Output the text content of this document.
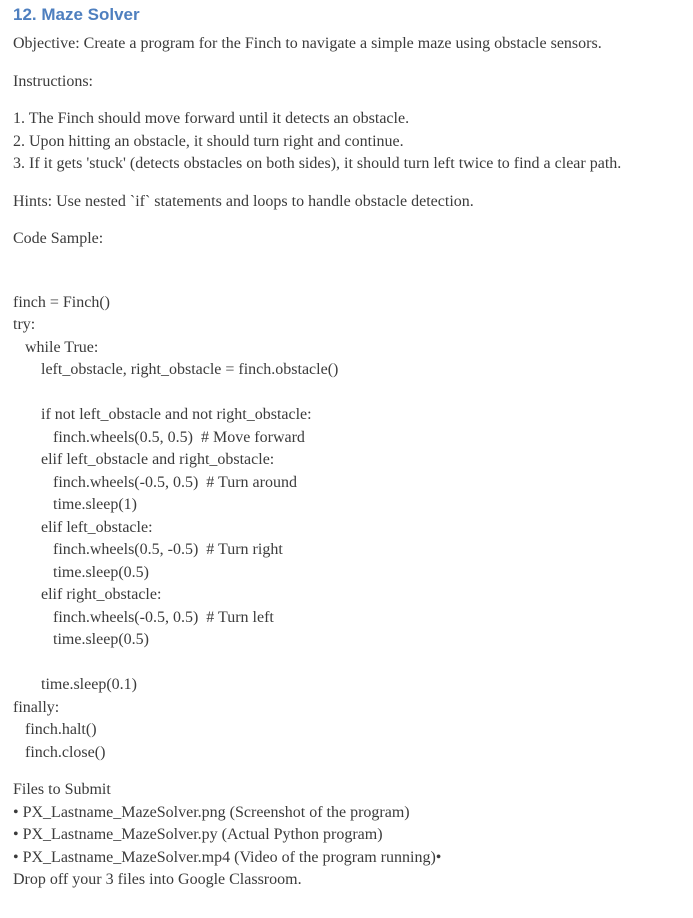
12. Maze Solver

Objective: Create a program for the Finch to navigate a simple maze using obstacle sensors.

Instructions:

1. The Finch should move forward until it detects an obstacle.
2. Upon hitting an obstacle, it should turn right and continue.
3. If it gets 'stuck' (detects obstacles on both sides), it should turn left twice to find a clear path.

Hints: Use nested `if` statements and loops to handle obstacle detection.

Code Sample:

finch = Finch()
try:
while True:
left_obstacle, right_obstacle = finch.obstacle()
if not left_obstacle and not right_obstacle:
finch.wheels(0.5, 0.5)  # Move forward
elif left_obstacle and right_obstacle:
finch.wheels(-0.5, 0.5)  # Turn around
time.sleep(1)
elif left_obstacle:
finch.wheels(0.5, -0.5)  # Turn right
time.sleep(0.5)
elif right_obstacle:
finch.wheels(-0.5, 0.5)  # Turn left
time.sleep(0.5)
time.sleep(0.1)
finally:
finch.halt()
finch.close()
Files to Submit
• PX_Lastname_MazeSolver.png (Screenshot of the program)
• PX_Lastname_MazeSolver.py (Actual Python program)
• PX_Lastname_MazeSolver.mp4 (Video of the program running)•
Drop off your 3 files into Google Classroom.
